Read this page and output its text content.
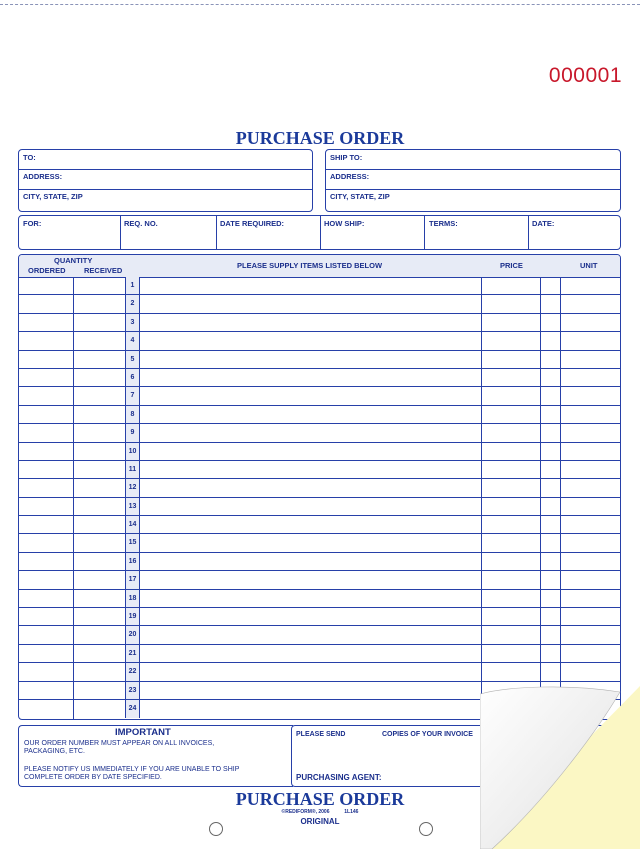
000001
PURCHASE ORDER
TO:
ADDRESS:
CITY, STATE, ZIP
SHIP TO:
ADDRESS:
CITY, STATE, ZIP
FOR:	REQ. NO.	DATE REQUIRED:	HOW SHIP:	TERMS:	DATE:
QUANTITY
ORDERED RECEIVED
PLEASE SUPPLY ITEMS LISTED BELOW	PRICE	UNIT
1
2
3
4
5
6
7
8
9
10
11
12
13
14
15
16
17
18
19
20
21
22
23
24
IMPORTANT
OUR ORDER NUMBER MUST APPEAR ON ALL INVOICES,
PACKAGING, ETC.
PLEASE NOTIFY US IMMEDIATELY IF YOU ARE UNABLE TO SHIP
COMPLETE ORDER BY DATE SPECIFIED.
PLEASE SEND	COPIES OF YOUR INVOICE
PURCHASING AGENT:
PURCHASE ORDER
©REDIFORM®, 2006	1L146
ORIGINAL
